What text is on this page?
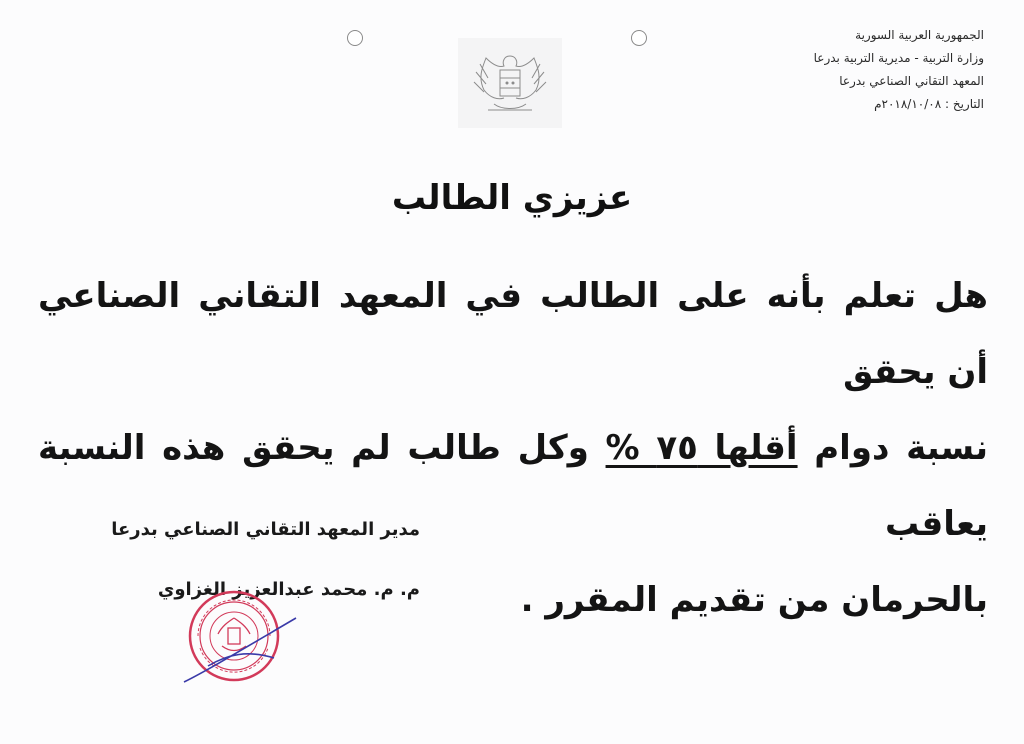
الجمهورية العربية السورية
وزارة التربية - مديرية التربية بدرعا
المعهد التقاني الصناعي بدرعا
التاريخ : ٢٠١٨/١٠/٠٨م
عزيزي الطالب
هل تعلم بأنه على الطالب في المعهد التقاني الصناعي أن يحقق
نسبة دوام أقلها ٧٥ % وكل طالب لم يحقق هذه النسبة يعاقب
بالحرمان من تقديم المقرر .
مدير المعهد التقاني الصناعي بدرعا
م. م. محمد عبدالعزيز الغزاوي
